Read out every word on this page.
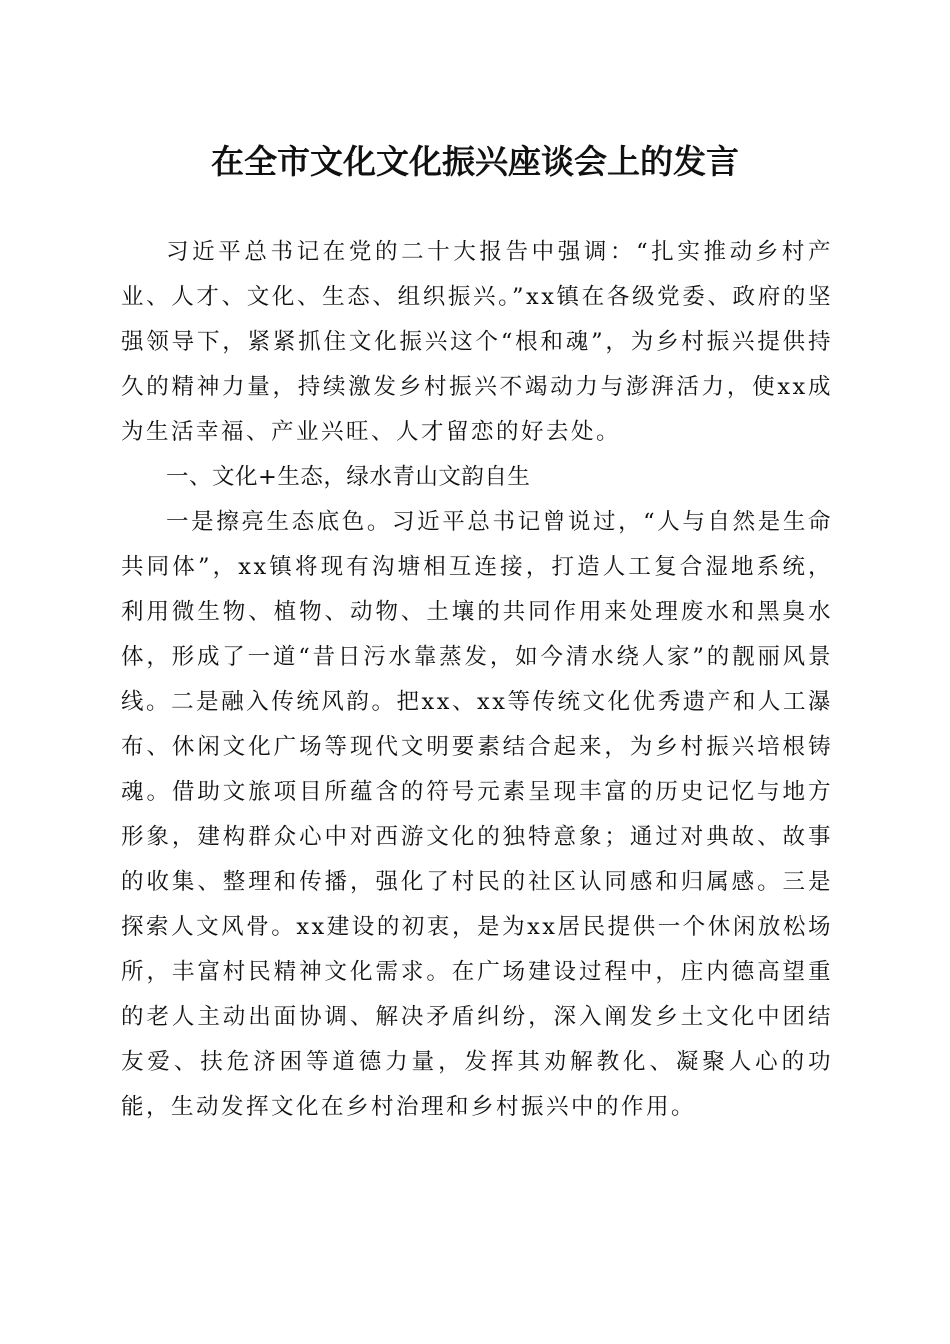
在全市文化文化振兴座谈会上的发言

习近平总书记在党的二十大报告中强调：“扎实推动乡村产业、人才、文化、生态、组织振兴。”xx镇在各级党委、政府的坚强领导下，紧紧抓住文化振兴这个“根和魂”，为乡村振兴提供持久的精神力量，持续激发乡村振兴不竭动力与澎湃活力，使xx成为生活幸福、产业兴旺、人才留恋的好去处。

一、文化+生态，绿水青山文韵自生

一是擦亮生态底色。习近平总书记曾说过，“人与自然是生命共同体”，xx镇将现有沟塘相互连接，打造人工复合湿地系统，利用微生物、植物、动物、土壤的共同作用来处理废水和黑臭水体，形成了一道“昔日污水靠蒸发，如今清水绕人家”的靓丽风景线。二是融入传统风韵。把xx、xx等传统文化优秀遗产和人工瀑布、休闲文化广场等现代文明要素结合起来，为乡村振兴培根铸魂。借助文旅项目所蕴含的符号元素呈现丰富的历史记忆与地方形象，建构群众心中对西游文化的独特意象；通过对典故、故事的收集、整理和传播，强化了村民的社区认同感和归属感。三是探索人文风骨。xx建设的初衷，是为xx居民提供一个休闲放松场所，丰富村民精神文化需求。在广场建设过程中，庄内德高望重的老人主动出面协调、解决矛盾纠纷，深入阐发乡土文化中团结友爱、扶危济困等道德力量，发挥其劝解教化、凝聚人心的功能，生动发挥文化在乡村治理和乡村振兴中的作用。
